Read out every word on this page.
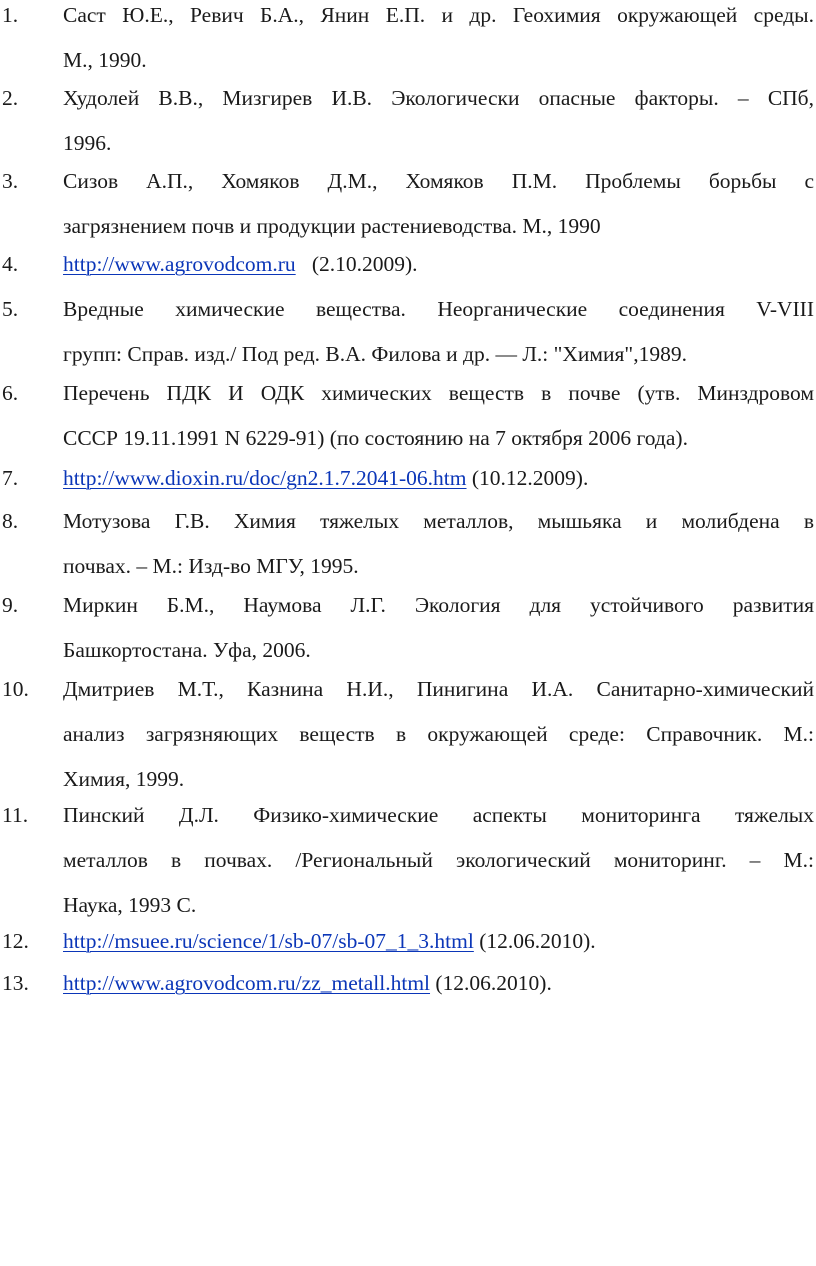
1. Саст Ю.Е., Ревич Б.А., Янин Е.П. и др. Геохимия окружающей среды.
М., 1990.
2. Худолей В.В., Мизгирев И.В. Экологически опасные факторы. – СПб,
1996.
3. Сизов А.П., Хомяков Д.М., Хомяков П.М. Проблемы борьбы с
загрязнением почв и продукции растениеводства. М., 1990
4. http://www.agrovodcom.ru   (2.10.2009).
5. Вредные химические вещества. Неорганические соединения V-VIII
групп: Справ. изд./ Под ред. В.А. Филова и др. — Л.: "Химия",1989.
6. Перечень ПДК И ОДК химических веществ в почве (утв. Минздровом
СССР 19.11.1991 N 6229-91) (по состоянию на 7 октября 2006 года).
7. http://www.dioxin.ru/doc/gn2.1.7.2041-06.htm (10.12.2009).
8. Мотузова Г.В. Химия тяжелых металлов, мышьяка и молибдена в
почвах. – М.: Изд-во МГУ, 1995.
9. Миркин Б.М., Наумова Л.Г. Экология для устойчивого развития
Башкортостана. Уфа, 2006.
10. Дмитриев М.Т., Казнина Н.И., Пинигина И.А. Санитарно-химический
анализ загрязняющих веществ в окружающей среде: Справочник. М.:
Химия, 1999.
11. Пинский Д.Л. Физико-химические аспекты мониторинга тяжелых
металлов в почвах. /Региональный экологический мониторинг. – М.:
Наука, 1993 С.
12. http://msuee.ru/science/1/sb-07/sb-07_1_3.html (12.06.2010).
13. http://www.agrovodcom.ru/zz_metall.html (12.06.2010).
